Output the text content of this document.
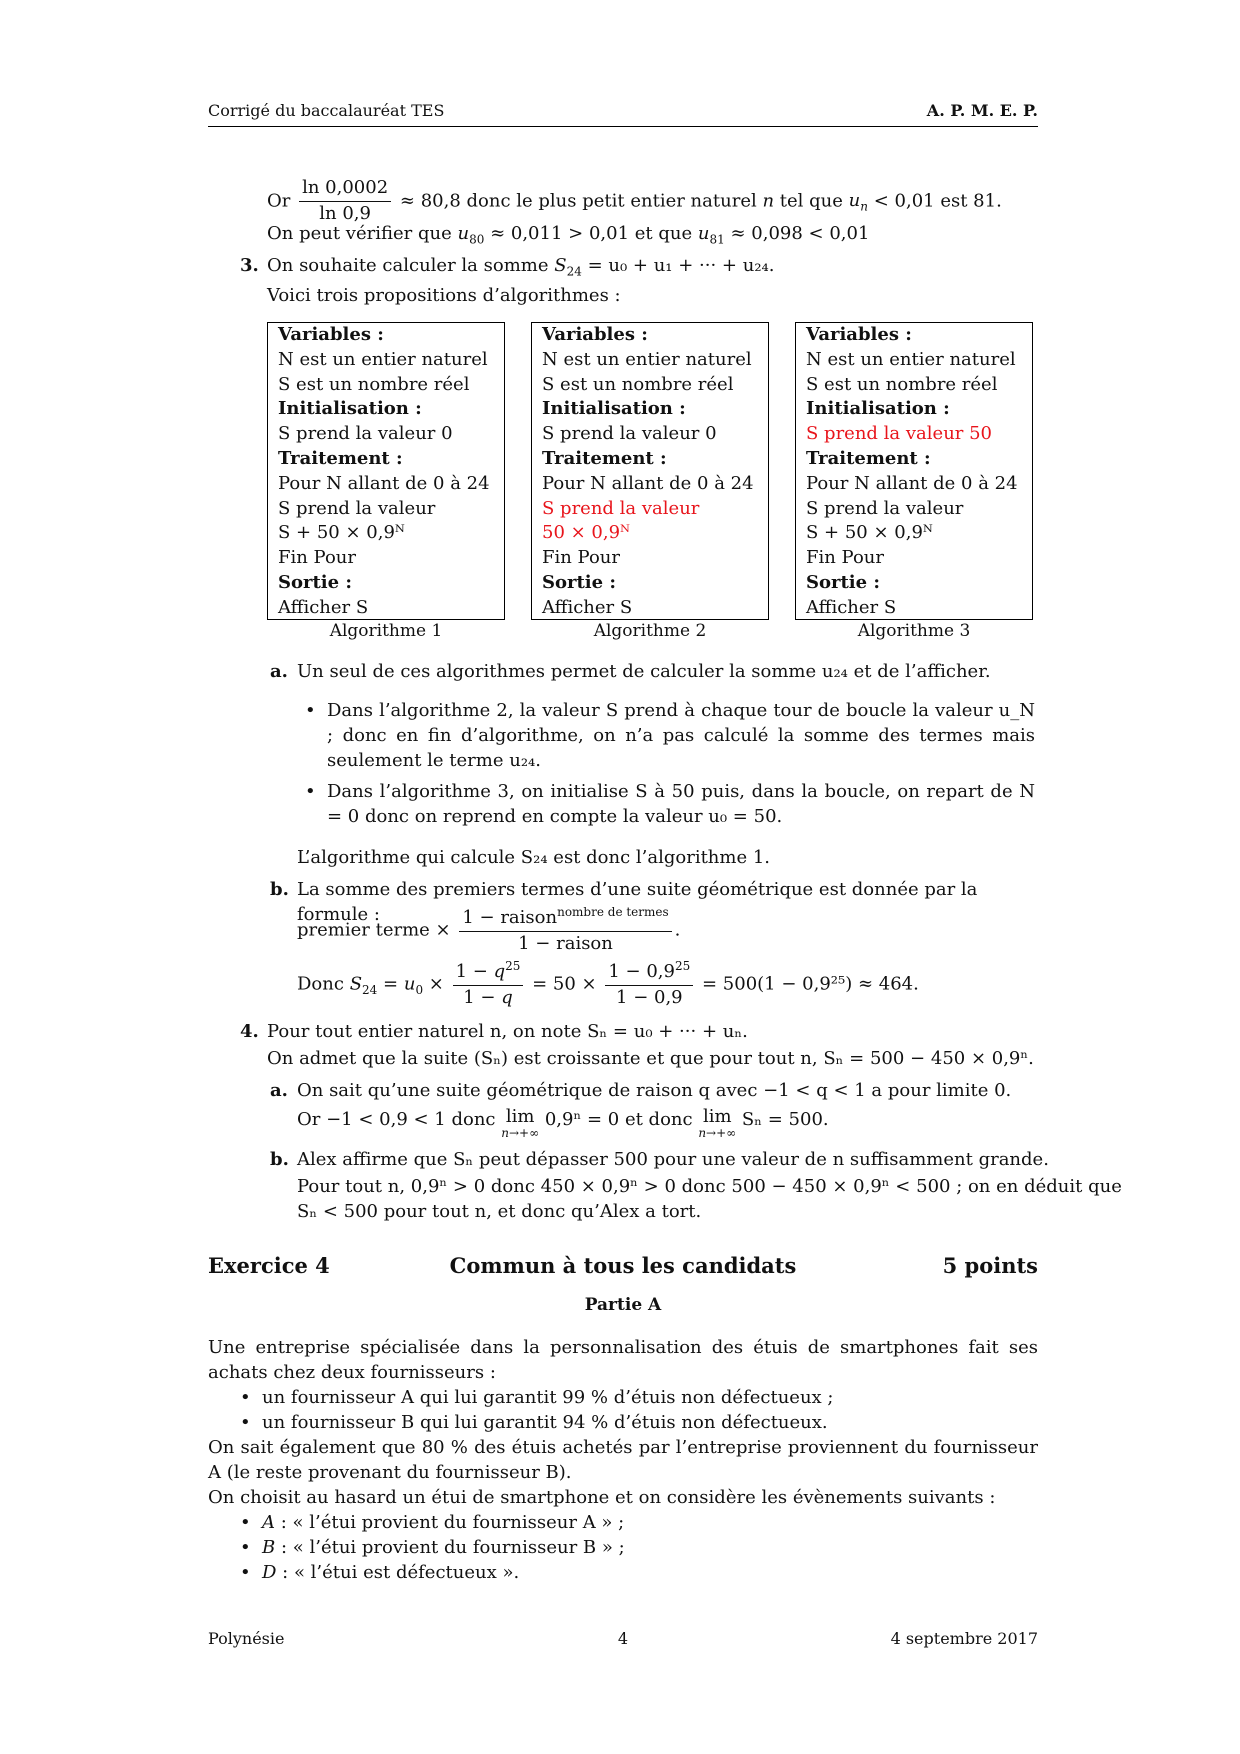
Corrigé du baccalauréat TES	A. P. M. E. P.
Or $\frac{\ln 0,0002}{\ln 0,9} \approx 80,8$ donc le plus petit entier naturel n tel que $u_n < 0,01$ est 81.
On peut vérifier que $u_{80} \approx 0,011 > 0,01$ et que $u_{81} \approx 0,098 < 0,01$
3. On souhaite calculer la somme $S_{24} = u_0 + u_1$ + ··· + u₂₄.
Voici trois propositions d’algorithmes :
Variables :
N est un entier naturel
S est un nombre réel
Initialisation :
S prend la valeur 0
Traitement :
Pour N allant de 0 à 24
S prend la valeur
S + 50 × 0,9ᴺ
Fin Pour
Sortie :
Afficher S
Algorithme 1
Variables :
N est un entier naturel
S est un nombre réel
Initialisation :
S prend la valeur 0
Traitement :
Pour N allant de 0 à 24
S prend la valeur
50 × 0,9ᴺ
Fin Pour
Sortie :
Afficher S
Algorithme 2
Variables :
N est un entier naturel
S est un nombre réel
Initialisation :
S prend la valeur 50
Traitement :
Pour N allant de 0 à 24
S prend la valeur
S + 50 × 0,9ᴺ
Fin Pour
Sortie :
Afficher S
Algorithme 3
a. Un seul de ces algorithmes permet de calculer la somme u₂₄ et de l’afficher.
• Dans l’algorithme 2, la valeur S prend à chaque tour de boucle la valeur u_N ; donc en fin d’algorithme, on n’a pas calculé la somme des termes mais seulement le terme u₂₄.
• Dans l’algorithme 3, on initialise S à 50 puis, dans la boucle, on repart de N = 0 donc on reprend en compte la valeur u₀ = 50.
L’algorithme qui calcule S₂₄ est donc l’algorithme 1.
b. La somme des premiers termes d’une suite géométrique est donnée par la formule :
premier terme × $\frac{1 - raison^{nombre de termes}}{\text{1 − raison}}$ .
Donc $S_{24} = u_0 \times \frac{1 - q^{25}}{1 - q} = 50 \times \frac{1 - 0,9^{25}}{1 - 0,9} = 500(1 - 0,9^{25}) \approx 464$.
4. Pour tout entier naturel n, on note Sₙ = u₀ + ··· + uₙ.
On admet que la suite (Sₙ) est croissante et que pour tout n, Sₙ = 500 − 450 × 0,9ⁿ.
a. On sait qu’une suite géométrique de raison q avec −1 < q < 1 a pour limite 0.
Or −1 < 0,9 < 1 donc lim
n→+∞
0,9ⁿ = 0 et donc lim
n→+∞
Sₙ = 500.
b. Alex affirme que Sₙ peut dépasser 500 pour une valeur de n suffisamment grande.
Pour tout n, 0,9ⁿ > 0 donc 450 × 0,9ⁿ > 0 donc 500 − 450 × 0,9ⁿ < 500 ; on en déduit que
Sₙ < 500 pour tout n, et donc qu’Alex a tort.
Exercice 4	Commun à tous les candidats	5 points
Partie A
Une entreprise spécialisée dans la personnalisation des étuis de smartphones fait ses achats chez deux fournisseurs :
• un fournisseur A qui lui garantit 99 % d’étuis non défectueux ;
• un fournisseur B qui lui garantit 94 % d’étuis non défectueux.
On sait également que 80 % des étuis achetés par l’entreprise proviennent du fournisseur A (le reste provenant du fournisseur B).
On choisit au hasard un étui de smartphone et on considère les évènements suivants :
• A : « l’étui provient du fournisseur A » ;
• B : « l’étui provient du fournisseur B » ;
• D : « l’étui est défectueux ».
Polynésie	4	4 septembre 2017
